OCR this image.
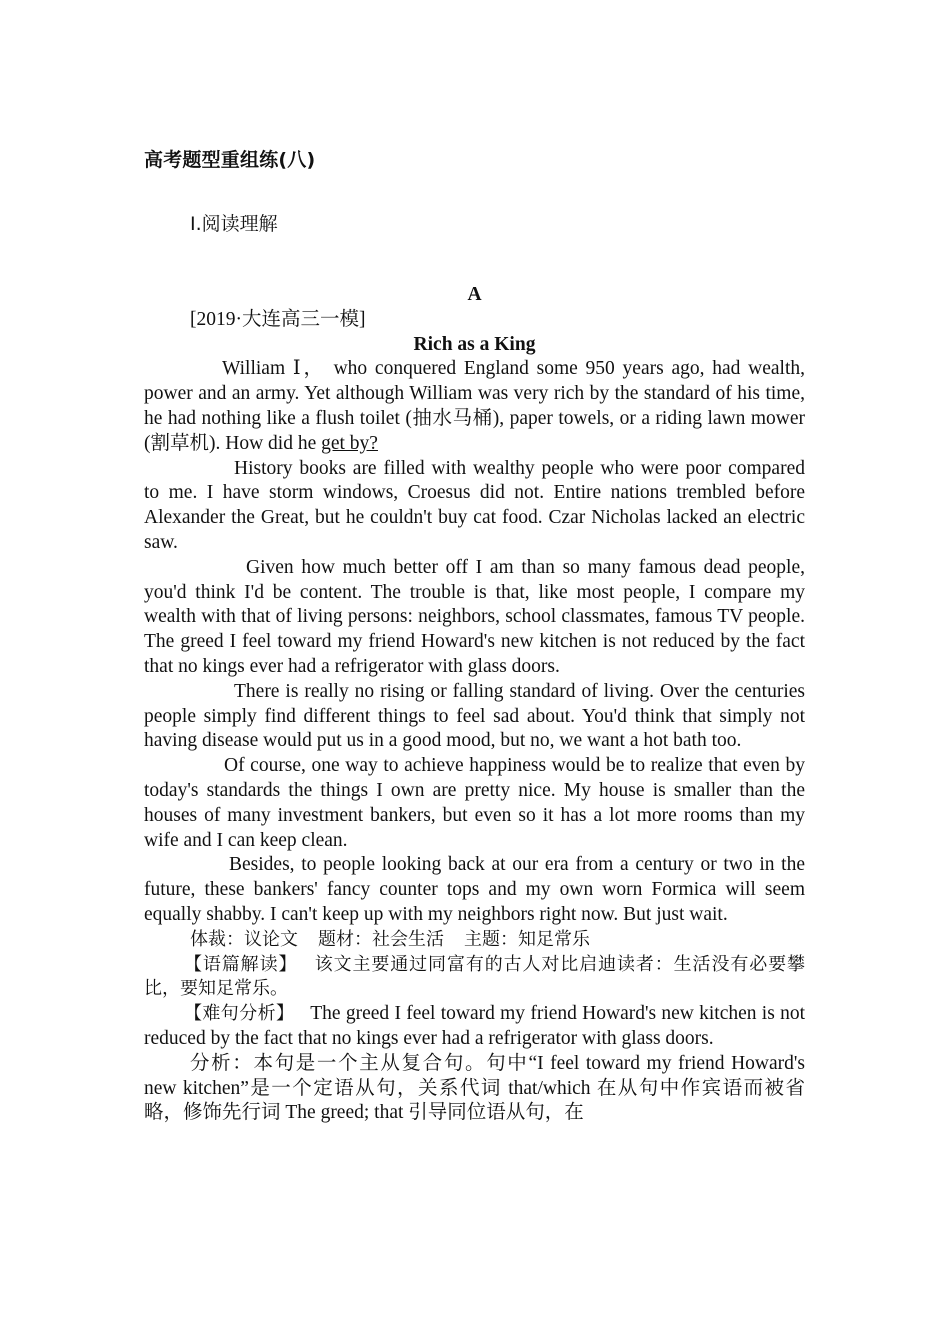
高考题型重组练(八)
Ⅰ.阅读理解

A

[2019·大连高三一模]

Rich as a King

William Ⅰ， who conquered England some 950 years ago, had wealth, power and an army. Yet although William was very rich by the standard of his time, he had nothing like a flush toilet (抽水马桶), paper towels, or a riding lawn mower (割草机). How did he get by?

History books are filled with wealthy people who were poor compared to me. I have storm windows, Croesus did not. Entire nations trembled before Alexander the Great, but he couldn't buy cat food. Czar Nicholas lacked an electric saw.

Given how much better off I am than so many famous dead people, you'd think I'd be content. The trouble is that, like most people, I compare my wealth with that of living persons: neighbors, school classmates, famous TV people. The greed I feel toward my friend Howard's new kitchen is not reduced by the fact that no kings ever had a refrigerator with glass doors.

There is really no rising or falling standard of living. Over the centuries people simply find different things to feel sad about. You'd think that simply not having disease would put us in a good mood, but no, we want a hot bath too.

Of course, one way to achieve happiness would be to realize that even by today's standards the things I own are pretty nice. My house is smaller than the houses of many investment bankers, but even so it has a lot more rooms than my wife and I can keep clean.

Besides, to people looking back at our era from a century or two in the future, these bankers' fancy counter tops and my own worn Formica will seem equally shabby. I can't keep up with my neighbors right now. But just wait.

体裁：议论文 题材：社会生活 主题：知足常乐

【语篇解读】 该文主要通过同富有的古人对比启迪读者：生活没有必要攀比，要知足常乐。

【难句分析】 The greed I feel toward my friend Howard's new kitchen is not reduced by the fact that no kings ever had a refrigerator with glass doors.

分析：本句是一个主从复合句。句中“I feel toward my friend Howard's new kitchen”是一个定语从句，关系代词 that/which 在从句中作宾语而被省略，修饰先行词 The greed; that 引导同位语从句，在
